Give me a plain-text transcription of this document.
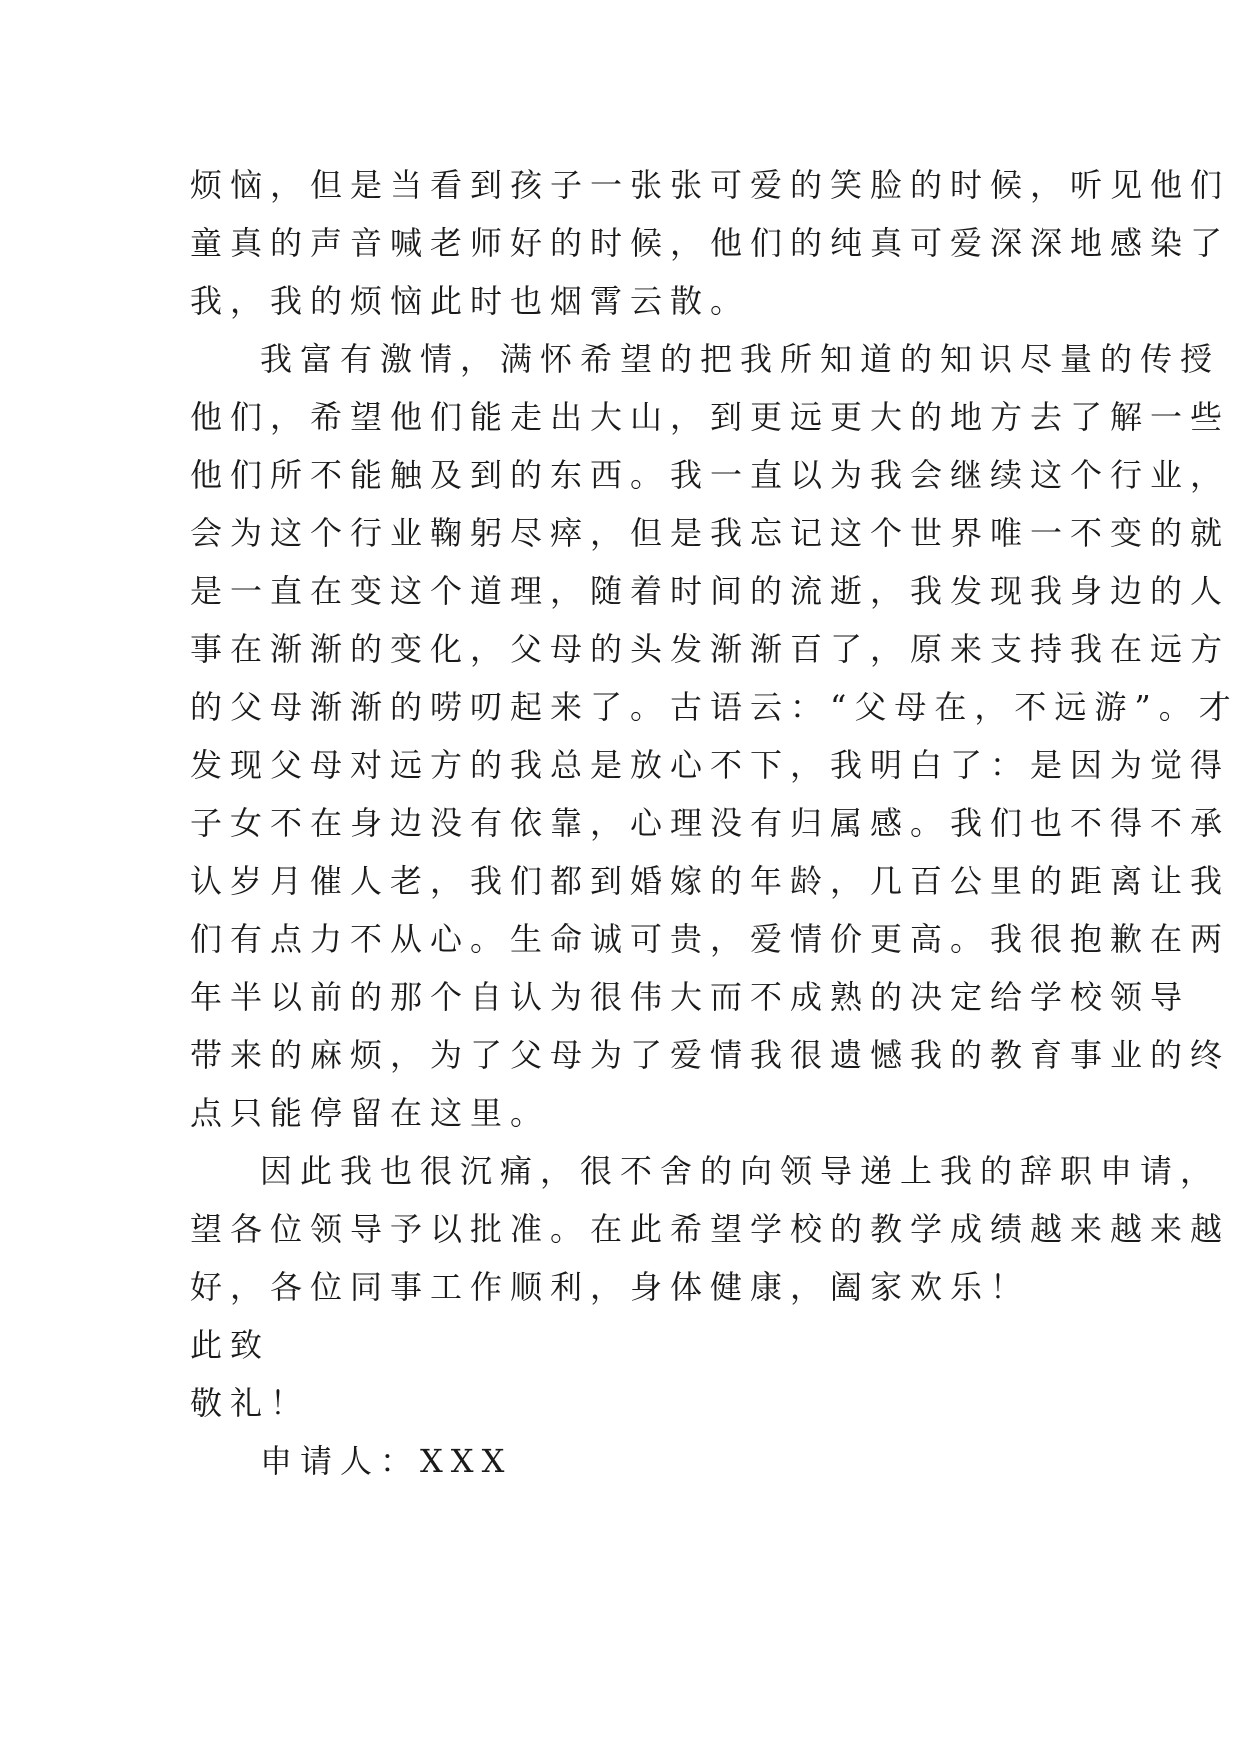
烦恼，但是当看到孩子一张张可爱的笑脸的时候，听见他们
童真的声音喊老师好的时候，他们的纯真可爱深深地感染了
我，我的烦恼此时也烟霄云散。
我富有激情，满怀希望的把我所知道的知识尽量的传授
他们，希望他们能走出大山，到更远更大的地方去了解一些
他们所不能触及到的东西。我一直以为我会继续这个行业，
会为这个行业鞠躬尽瘁，但是我忘记这个世界唯一不变的就
是一直在变这个道理，随着时间的流逝，我发现我身边的人
事在渐渐的变化，父母的头发渐渐百了，原来支持我在远方
的父母渐渐的唠叨起来了。古语云：“父母在，不远游”。才
发现父母对远方的我总是放心不下，我明白了：是因为觉得
子女不在身边没有依靠，心理没有归属感。我们也不得不承
认岁月催人老，我们都到婚嫁的年龄，几百公里的距离让我
们有点力不从心。生命诚可贵，爱情价更高。我很抱歉在两
年半以前的那个自认为很伟大而不成熟的决定给学校领导
带来的麻烦，为了父母为了爱情我很遗憾我的教育事业的终
点只能停留在这里。
因此我也很沉痛，很不舍的向领导递上我的辞职申请，
望各位领导予以批准。在此希望学校的教学成绩越来越来越
好，各位同事工作顺利，身体健康，阖家欢乐！
此致
敬礼！
申请人：XXX
